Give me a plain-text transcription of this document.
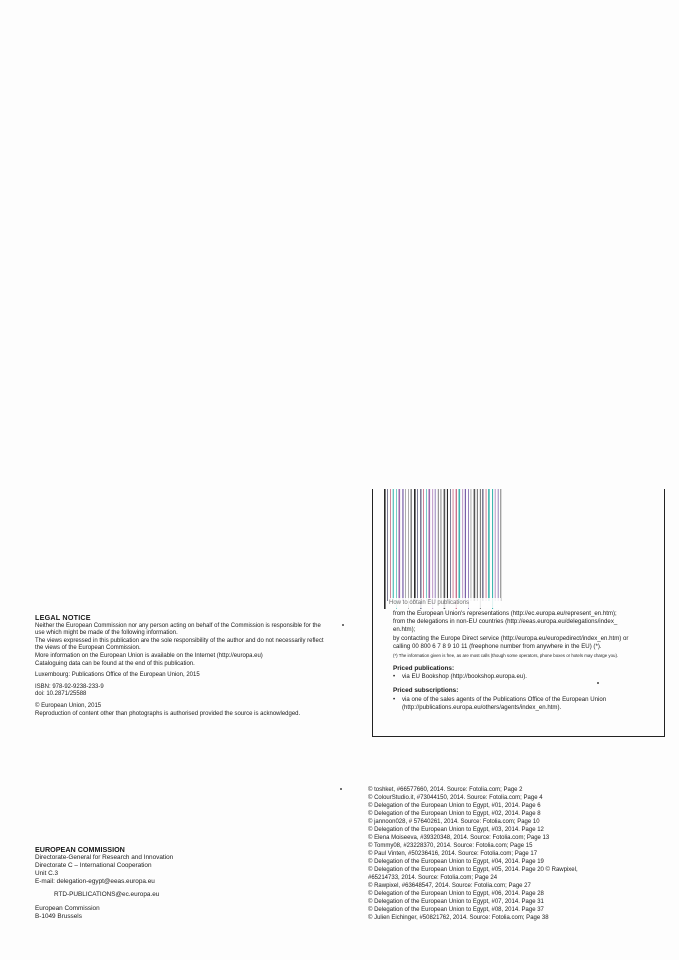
LEGAL NOTICE
Neither the European Commission nor any person acting on behalf of the Commission is responsible for the use which might be made of the following information.
The views expressed in this publication are the sole responsibility of the author and do not necessarily reflect the views of the European Commission.
More information on the European Union is available on the Internet (http://europa.eu)
Cataloguing data can be found at the end of this publication.
Luxembourg: Publications Office of the European Union, 2015
ISBN: 978-92-9238-233-9
doi: 10.2871/25588
© European Union, 2015
Reproduction of content other than photographs is authorised provided the source is acknowledged.
EUROPEAN COMMISSION
Directorate-General for Research and Innovation
Directorate C – International Cooperation
Unit C.3
E-mail: delegation-egypt@eeas.europa.eu
RTD-PUBLICATIONS@ec.europa.eu
European Commission
B-1049 Brussels
How to obtain EU publications
from the European Union's representations (http://ec.europa.eu/represent_en.htm);
from the delegations in non-EU countries (http://eeas.europa.eu/delegations/index_
en.htm);
by contacting the Europe Direct service (http://europa.eu/europedirect/index_en.htm) or
calling 00 800 6 7 8 9 10 11 (freephone number from anywhere in the EU) (*).
(*) The information given is free, as are most calls (though some operators, phone boxes or hotels may charge you).
Priced publications:
• via EU Bookshop (http://bookshop.europa.eu).
Priced subscriptions:
• via one of the sales agents of the Publications Office of the European Union
(http://publications.europa.eu/others/agents/index_en.htm).
© toshket, #66577660, 2014. Source: Fotolia.com; Page 2
© ColourStudio.it, #73044150, 2014. Source: Fotolia.com; Page 4
© Delegation of the European Union to Egypt, #01, 2014. Page 6
© Delegation of the European Union to Egypt, #02, 2014. Page 8
© jannoon028, # 57640261, 2014. Source: Fotolia.com; Page 10
© Delegation of the European Union to Egypt, #03, 2014. Page 12
© Elena Moiseeva, #39320348, 2014. Source: Fotolia.com; Page 13
© Tommy08, #23228370, 2014. Source: Fotolia.com; Page 15
© Paul Vinten, #50236416, 2014. Source: Fotolia.com; Page 17
© Delegation of the European Union to Egypt, #04, 2014. Page 19
© Delegation of the European Union to Egypt, #05, 2014. Page 20 © Rawpixel,
#65214733, 2014. Source: Fotolia.com; Page 24
© Rawpixel, #63648547, 2014. Source: Fotolia.com; Page 27
© Delegation of the European Union to Egypt, #06, 2014. Page 28
© Delegation of the European Union to Egypt, #07, 2014. Page 31
© Delegation of the European Union to Egypt, #08, 2014. Page 37
© Julien Eichinger, #50821762, 2014. Source: Fotolia.com; Page 38
